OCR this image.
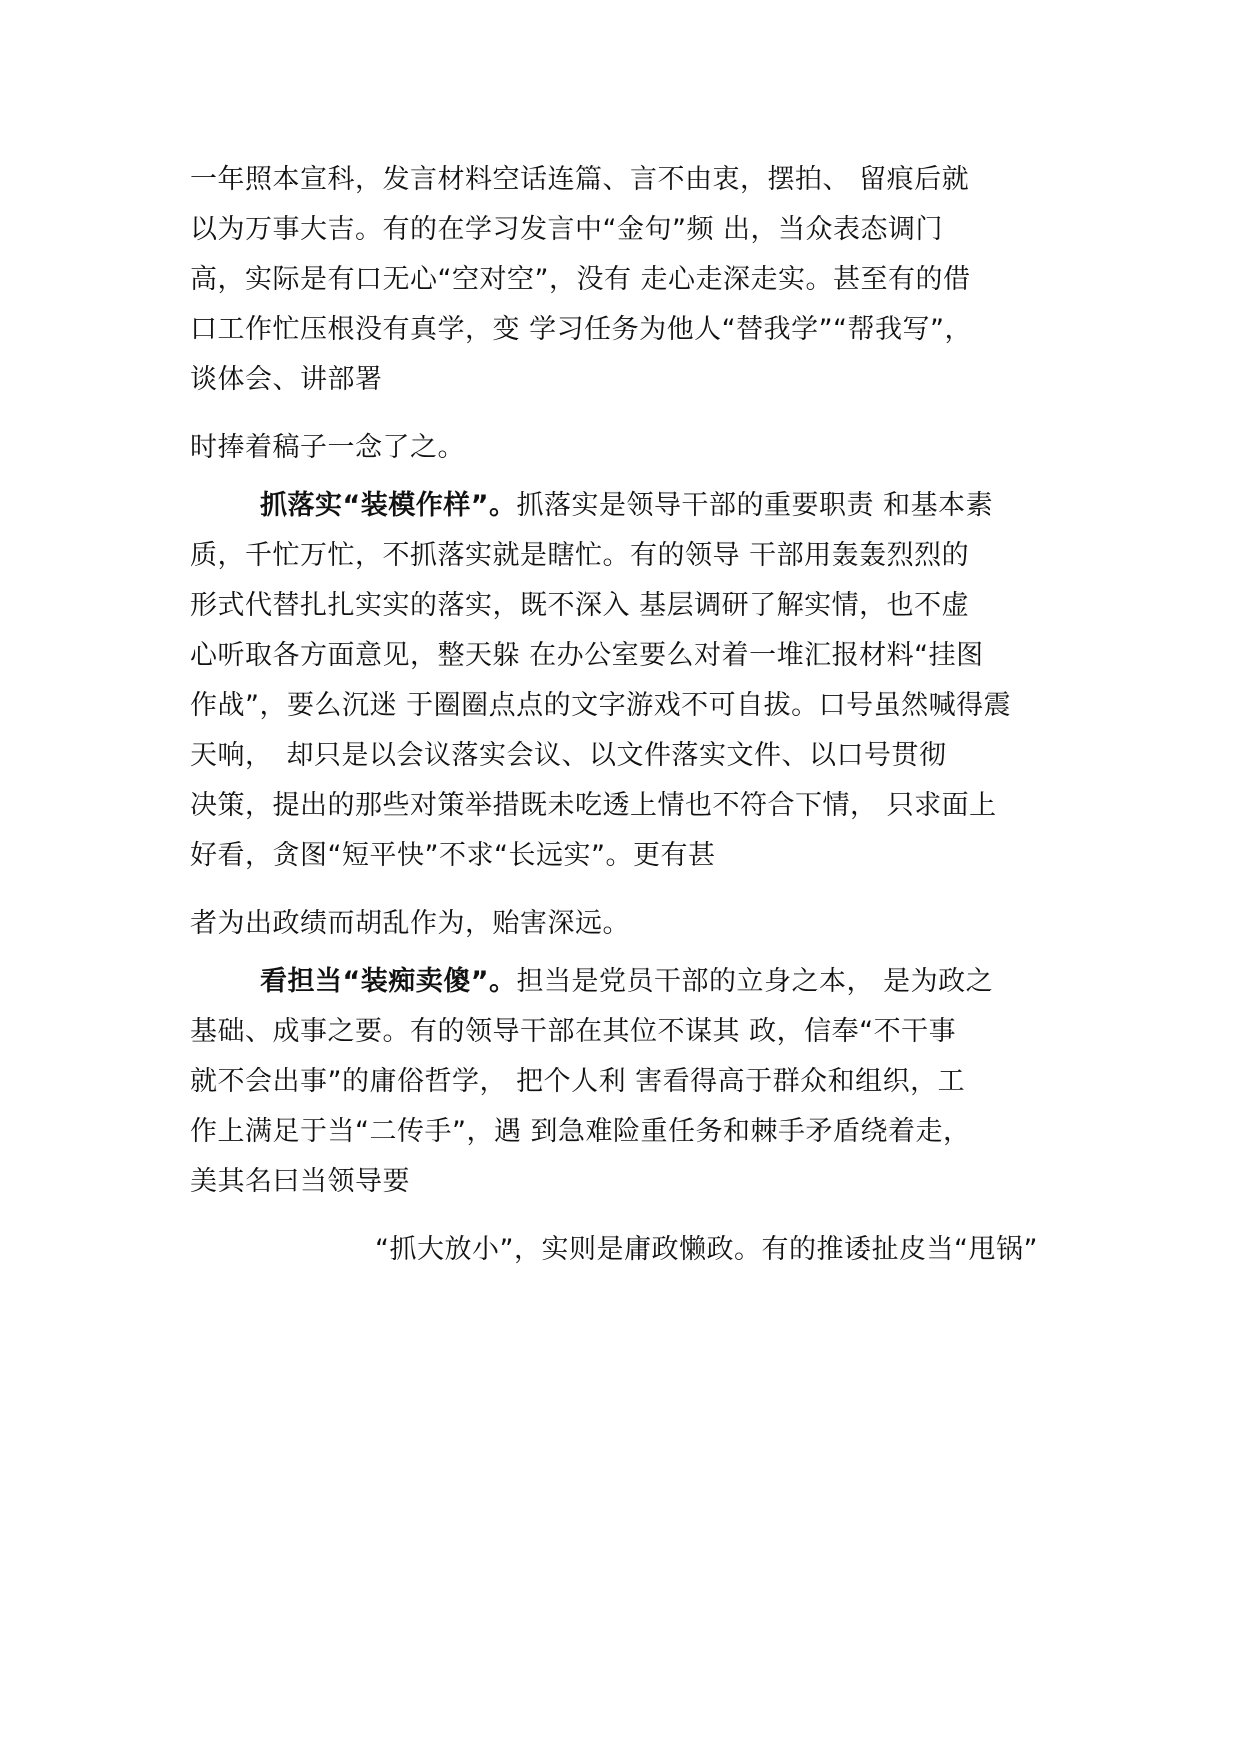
一年照本宣科，发言材料空话连篇、言不由衷，摆拍、 留痕后就
以为万事大吉。有的在学习发言中“金句”频 出，当众表态调门
高，实际是有口无心“空对空”，没有 走心走深走实。甚至有的借
口工作忙压根没有真学，变 学习任务为他人“替我学”“帮我写”，
谈体会、讲部署
时捧着稿子一念了之。
抓落实“装模作样”。抓落实是领导干部的重要职责 和基本素
质，千忙万忙，不抓落实就是瞎忙。有的领导 干部用轰轰烈烈的
形式代替扎扎实实的落实，既不深入 基层调研了解实情，也不虚
心听取各方面意见，整天躲 在办公室要么对着一堆汇报材料“挂图
作战”，要么沉迷 于圈圈点点的文字游戏不可自拔。口号虽然喊得震
天响，　却只是以会议落实会议、以文件落实文件、以口号贯彻
决策，提出的那些对策举措既未吃透上情也不符合下情， 只求面上
好看，贪图“短平快”不求“长远实”。更有甚
者为出政绩而胡乱作为，贻害深远。
看担当“装痴卖傻”。担当是党员干部的立身之本， 是为政之
基础、成事之要。有的领导干部在其位不谋其 政，信奉“不干事
就不会出事”的庸俗哲学， 把个人利 害看得高于群众和组织，工
作上满足于当“二传手”，遇 到急难险重任务和棘手矛盾绕着走，
美其名曰当领导要
“抓大放小”，实则是庸政懒政。有的推诿扯皮当“甩锅”
